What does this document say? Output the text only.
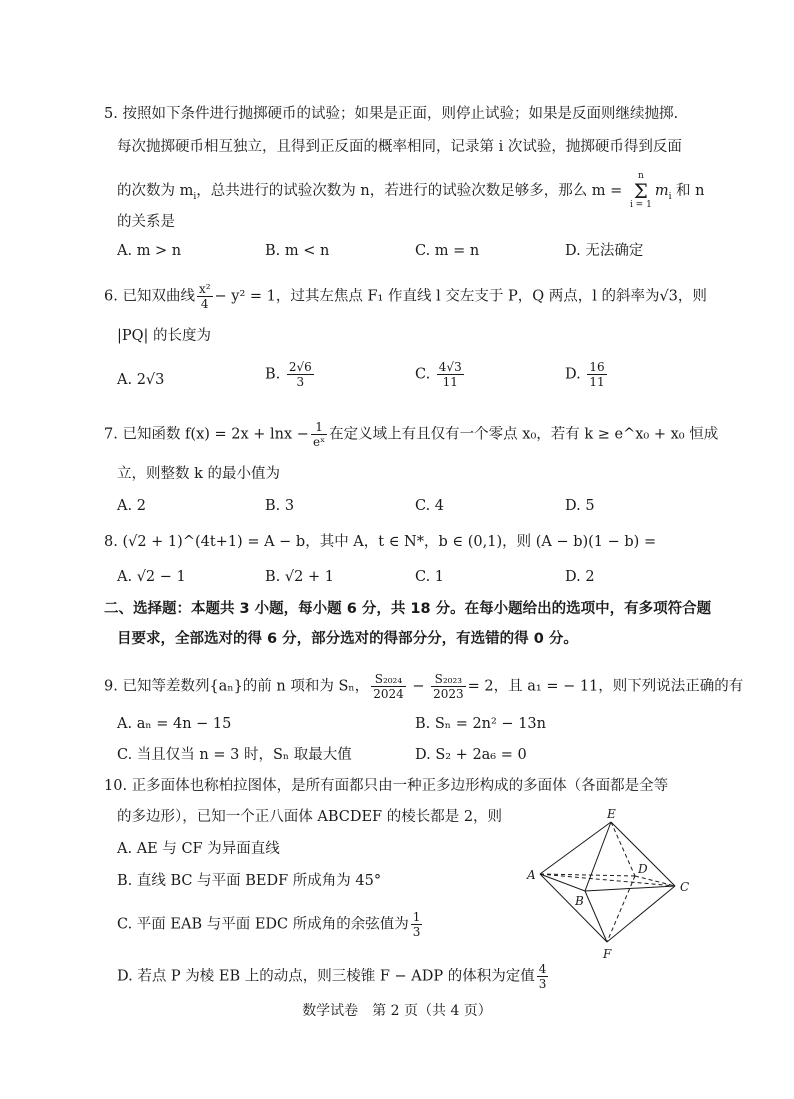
5. 按照如下条件进行抛掷硬币的试验；如果是正面，则停止试验；如果是反面则继续抛掷.
每次抛掷硬币相互独立，且得到正反面的概率相同，记录第 i 次试验，抛掷硬币得到反面
的次数为 $m_i$，总共进行的试验次数为 n，若进行的试验次数足够多，那么 m = n
Σ
$i = 1m_i$ 和 n
的关系是
A. m > n	B. m < n	C. m = n	D. 无法确定
6. 已知双曲线 $\frac{\text{x²}}{4} - y^2 = 1$，过其左焦点 F₁ 作直线 l 交左支于 P，Q 两点，l 的斜率为√3，则
|PQ| 的长度为
A. 2√3	B. $\frac{2√6}{3}$	C. $\frac{4√3}{11}$	D. $\frac{16}{11}$
7. 已知函数 $f(x) = 2x + \ln x - \frac{1}{\text{eˣ}}$ 在定义域上有且仅有一个零点 x₀，若有 k ≥ e^x₀ + x₀ 恒成
立，则整数 k 的最小值为
A. 2	B. 3	C. 4	D. 5
8. (√2 + 1)^(4t+1) = A − b，其中 A，t ∈ N*，b ∈ (0,1)，则 (A − b)(1 − b) =
A. √2 − 1	B. √2 + 1	C. 1	D. 2
二、选择题：本题共 3 小题，每小题 6 分，共 18 分。在每小题给出的选项中，有多项符合题
目要求，全部选对的得 6 分，部分选对的得部分分，有选错的得 0 分。
9. 已知等差数列{aₙ}的前 n 项和为 Sₙ， $\frac{\text{S₂₀₂₄}}{2024} - \frac{\text{S₂₀₂₃}}{2023} = 2$，且 a₁ = − 11，则下列说法正确的有
A. aₙ = 4n − 15	B. Sₙ = 2n² − 13n
C. 当且仅当 n = 3 时，Sₙ 取最大值	D. S₂ + 2a₆ = 0
10. 正多面体也称柏拉图体，是所有面都只由一种正多边形构成的多面体（各面都是全等
的多边形），已知一个正八面体 ABCDEF 的棱长都是 2，则
A. AE 与 CF 为异面直线
B. 直线 BC 与平面 BEDF 所成角为 45°
C. 平面 EAB 与平面 EDC 所成角的余弦值为 $\frac{1}{3}$
D. 若点 P 为棱 EB 上的动点，则三棱锥 F − ADP 的体积为定值 $\frac{4}{3}$
E
A
B
C
D
F
数学试卷　第 2 页（共 4 页）
